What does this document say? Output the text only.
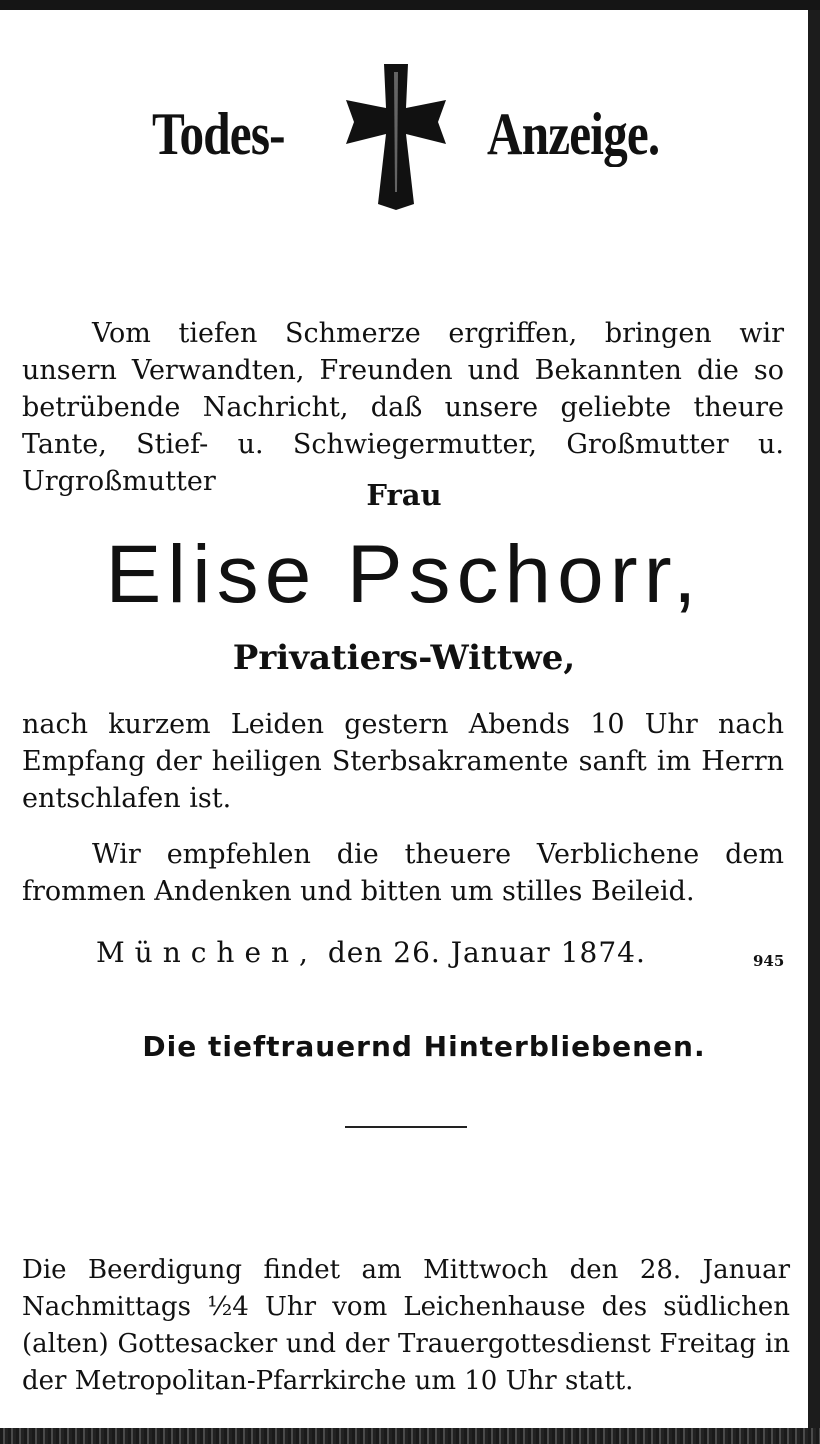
Todes-	Anzeige.
Vom tiefen Schmerze ergriffen, bringen wir unsern Verwandten, Freunden und Bekannten die so betrübende Nachricht, daß unsere geliebte theure Tante, Stief- u. Schwiegermutter, Großmutter u. Urgroßmutter	Frau
Elise Pschorr,
Privatiers-Wittwe,
nach kurzem Leiden gestern Abends 10 Uhr nach Empfang der heiligen Sterbsakramente sanft im Herrn entschlafen ist.
Wir empfehlen die theuere Verblichene dem frommen Andenken und bitten um stilles Beileid.
München, den 26. Januar 1874.	945
Die tieftrauernd Hinterbliebenen.
Die Beerdigung findet am Mittwoch den 28. Januar Nachmittags ½4 Uhr vom Leichenhause des südlichen (alten) Gottesacker und der Trauergottesdienst Freitag in der Metropolitan-Pfarrkirche um 10 Uhr statt.
